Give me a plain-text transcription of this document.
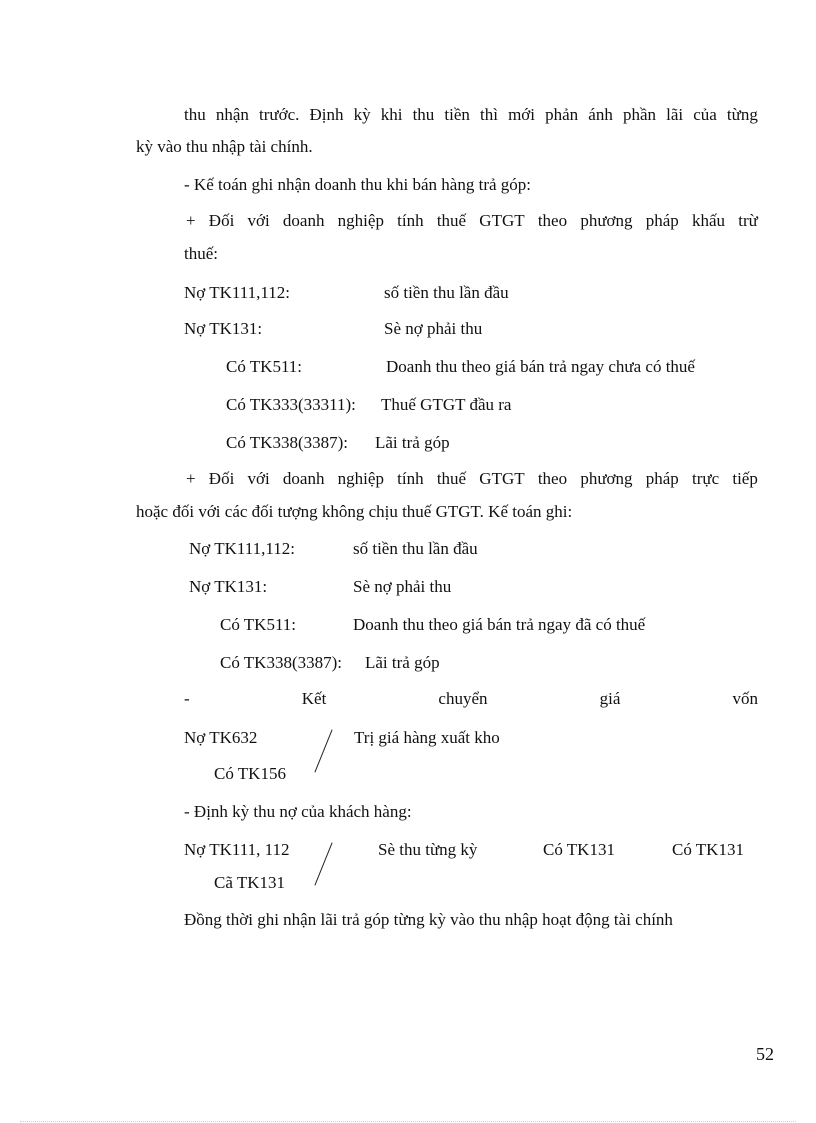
thu nhận trước. Định kỳ khi thu tiền thì mới phản ánh phần lãi của từng
kỳ vào thu nhập tài chính.
- Kế toán ghi nhận doanh thu khi bán hàng trả góp:
+ Đối với doanh nghiệp tính thuế GTGT theo phương pháp khấu trừ
thuế:
Nợ TK111,112:	số tiền thu lần đầu
Nợ TK131:	Sè nợ phải thu
Có TK511:	Doanh thu theo giá bán trả ngay chưa có thuế
Có TK333(33311): Thuế GTGT đầu ra
Có TK338(3387): Lãi trả góp
+ Đối với doanh nghiệp tính thuế GTGT theo phương pháp trực tiếp
hoặc đối với các đối tượng không chịu thuế GTGT. Kế toán ghi:
Nợ TK111,112:	số tiền thu lần đầu
Nợ TK131:	Sè nợ phải thu
Có TK511:	Doanh thu theo giá bán trả ngay đã có thuế
Có TK338(3387): Lãi trả góp
-	Kết	chuyển	giá	vốn
Nợ TK632	Trị giá hàng xuất kho
Có TK156
- Định kỳ thu nợ của khách hàng:
Nợ TK111, 112	Sè thu từng kỳ	Có TK131	Có TK131
Cã TK131
Đồng thời ghi nhận lãi trả góp từng kỳ vào thu nhập hoạt động tài chính
52
